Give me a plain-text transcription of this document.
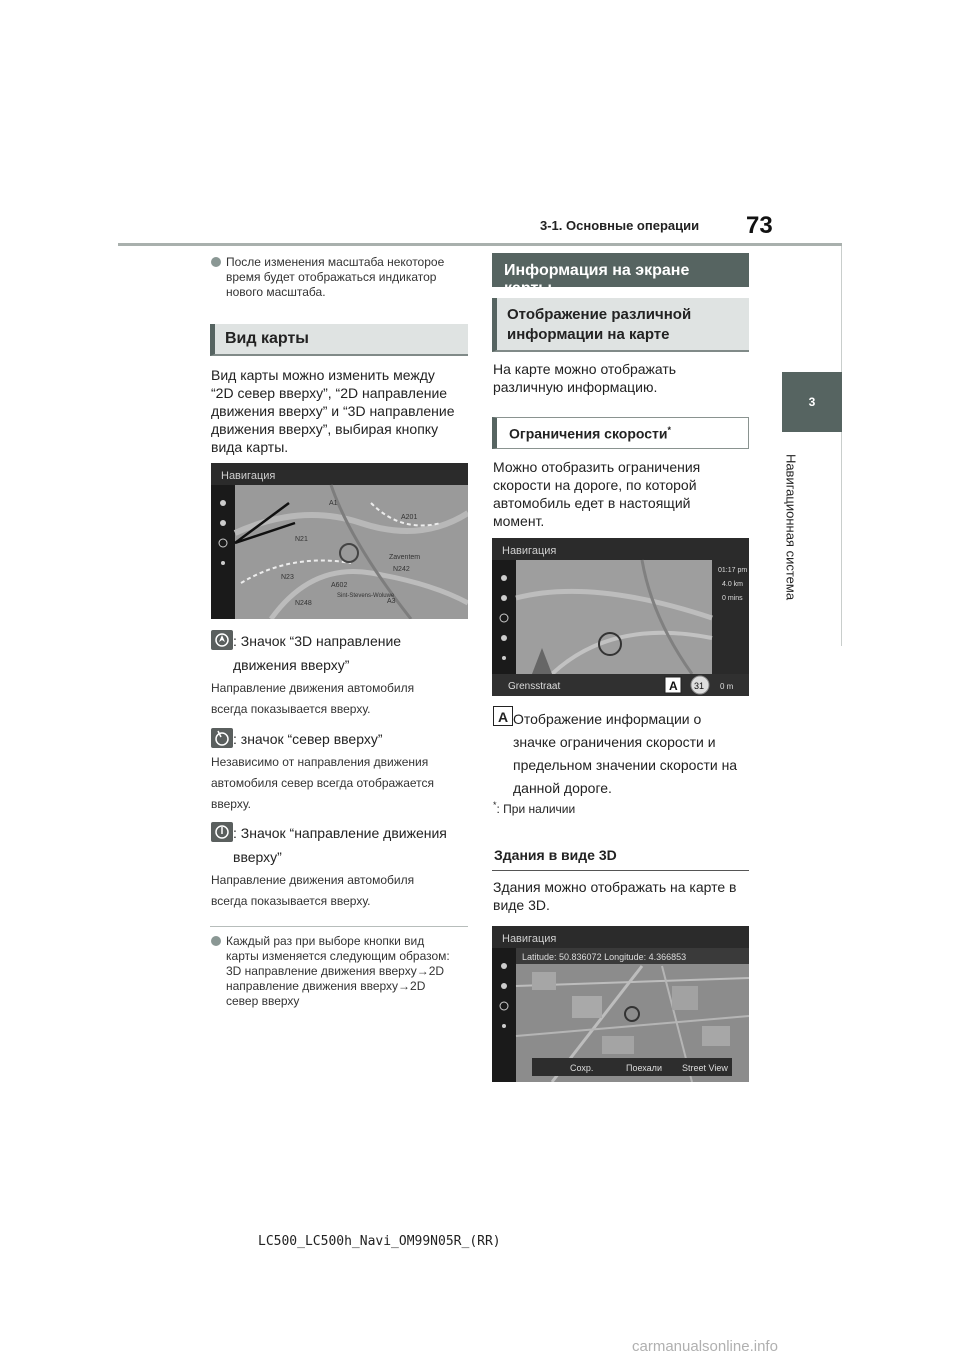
3-1. Основные операции 73
3
Навигационная система
После изменения масштаба некоторое
время будет отображаться индикатор
нового масштаба.
Вид карты
Вид карты можно изменить между
“2D север вверху”, “2D направление
движения вверху” и “3D направление
движения вверху”, выбирая кнопку
вида карты.
Навигация
A1
A201
A602
N21
N248
N242
N23
A3
Zaventem
Sint-Stevens-Woluwe
: Значок “3D направление
движения вверху”
Направление движения автомобиля
всегда показывается вверху.
: значок “север вверху”
Независимо от направления движения
автомобиля север всегда отображается
вверху.
: Значок “направление движения
вверху”
Направление движения автомобиля
всегда показывается вверху.
Каждый раз при выборе кнопки вид
карты изменяется следующим образом:
3D направление движения вверху→2D
направление движения вверху→2D
север вверху
Информация на экране карты
Отображение различной
информации на карте
На карте можно отображать
различную информацию.
Ограничения скорости*
Можно отобразить ограничения
скорости на дороге, по которой
автомобиль едет в настоящий
момент.
Навигация
Grensstraat	A 31 0 m
01:17 pm
4.0 km
0 mins
A Отображение информации о
значке ограничения скорости и
предельном значении скорости на
данной дороге.
*: При наличии
Здания в виде 3D
Здания можно отображать на карте в
виде 3D.
Навигация
Latitude: 50.836072 Longitude: 4.366853
Сохр.	Поехали Street View
LC500_LC500h_Navi_OM99N05R_(RR)
carmanualsonline.info
